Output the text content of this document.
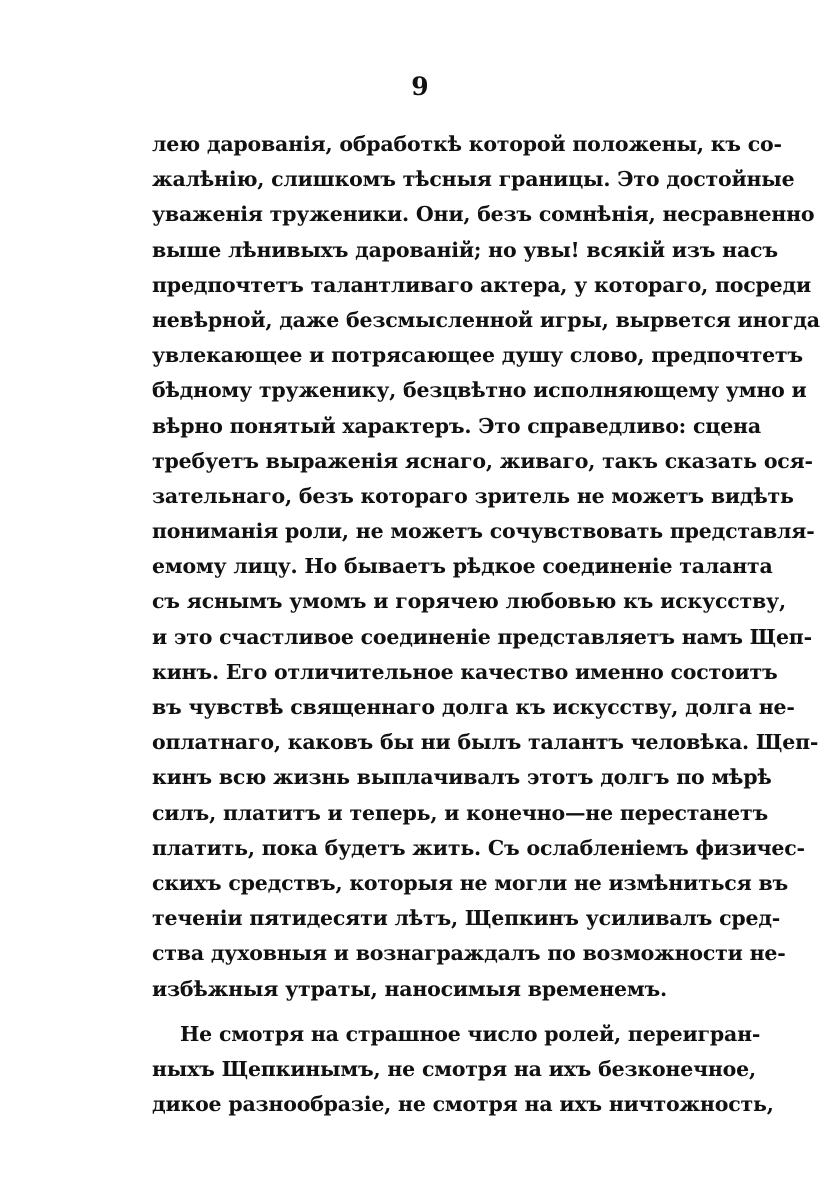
9
лею дарованія, обработкѣ которой положены, къ со-
жалѣнію, слишкомъ тѣсныя границы. Это достойные
уваженія труженики. Они, безъ сомнѣнія, несравненно
выше лѣнивыхъ дарованій; но увы! всякій изъ насъ
предпочтетъ талантливаго актера, у котораго, посреди
невѣрной, даже безсмысленной игры, вырвется иногда
увлекающее и потрясающее душу слово, предпочтетъ
бѣдному труженику, безцвѣтно исполняющему умно и
вѣрно понятый характеръ. Это справедливо: сцена
требуетъ выраженія яснаго, живаго, такъ сказать ося-
зательнаго, безъ котораго зритель не можетъ видѣть
пониманія роли, не можетъ сочувствовать представля-
емому лицу. Но бываетъ рѣдкое соединеніе таланта
съ яснымъ умомъ и горячею любовью къ искусству,
и это счастливое соединеніе представляетъ намъ Щеп-
кинъ. Его отличительное качество именно состоитъ
въ чувствѣ священнаго долга къ искусству, долга не-
оплатнаго, каковъ бы ни былъ талантъ человѣка. Щеп-
кинъ всю жизнь выплачивалъ этотъ долгъ по мѣрѣ
силъ, платитъ и теперь, и конечно—не перестанетъ
платить, пока будетъ жить. Съ ослабленіемъ физичес-
скихъ средствъ, которыя не могли не измѣниться въ
теченіи пятидесяти лѣтъ, Щепкинъ усиливалъ сред-
ства духовныя и вознаграждалъ по возможности не-
избѣжныя утраты, наносимыя временемъ.
Не смотря на страшное число ролей, переигран-
ныхъ Щепкинымъ, не смотря на ихъ безконечное,
дикое разнообразіе, не смотря на ихъ ничтожность,
